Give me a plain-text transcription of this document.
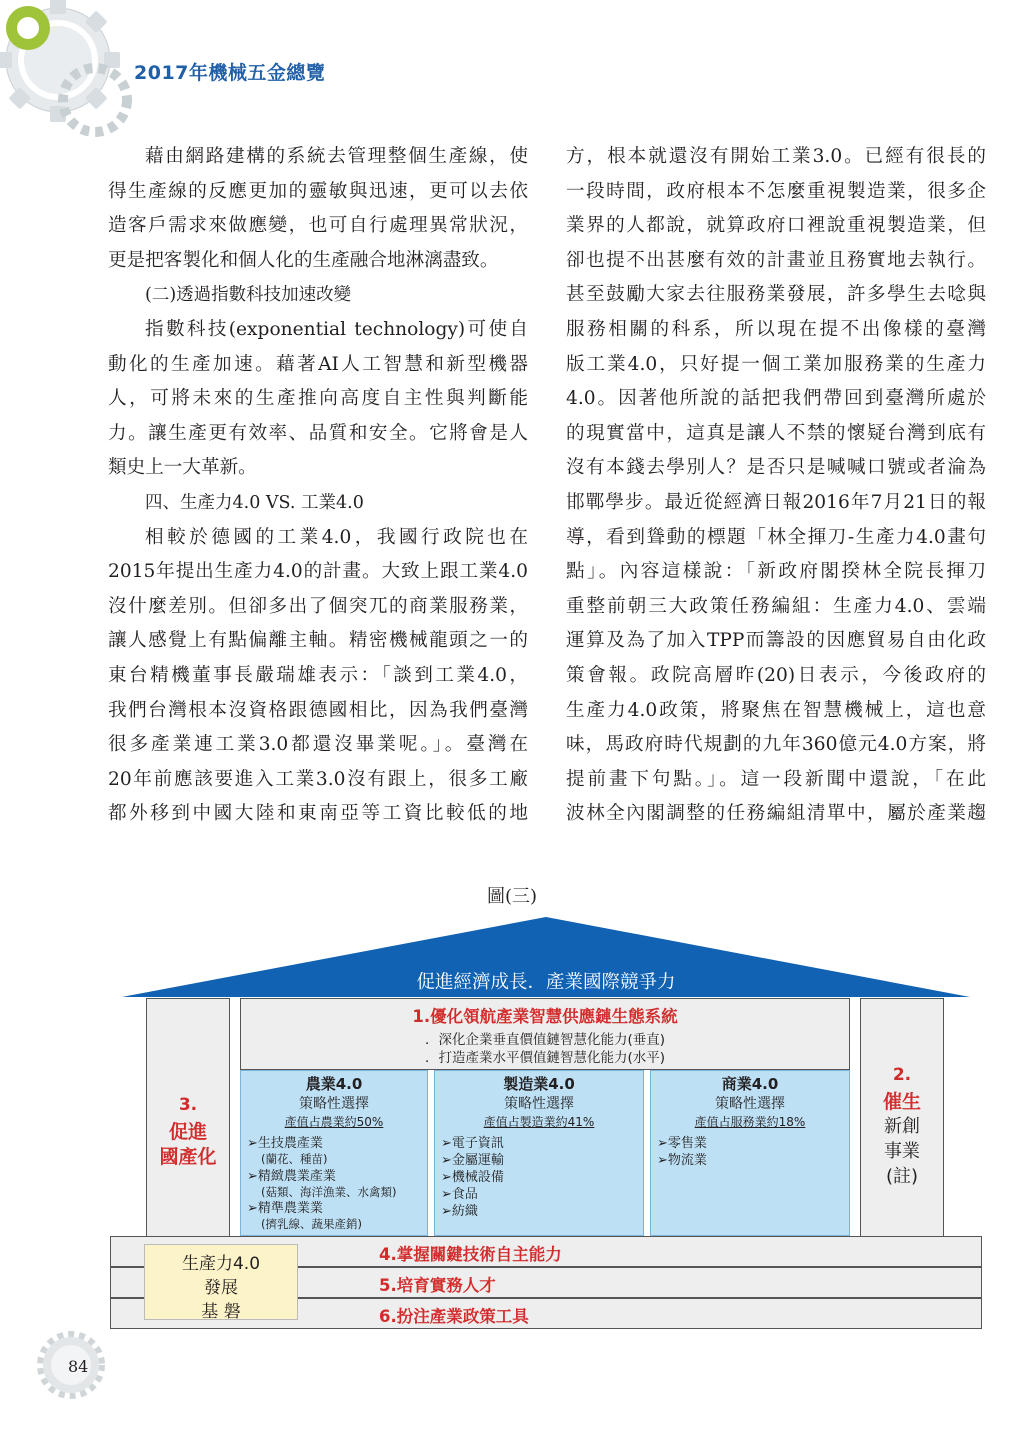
2017年機械五金總覽
藉由網路建構的系統去管理整個生產線，使
得生產線的反應更加的靈敏與迅速，更可以去依
造客戶需求來做應變，也可自行處理異常狀況，
更是把客製化和個人化的生產融合地淋漓盡致。
(二)透過指數科技加速改變
指數科技(exponential technology)可使自
動化的生產加速。藉著AI人工智慧和新型機器
人，可將未來的生產推向高度自主性與判斷能
力。讓生產更有效率、品質和安全。它將會是人
類史上一大革新。
四、生產力4.0 VS. 工業4.0
相較於德國的工業4.0，我國行政院也在
2015年提出生產力4.0的計畫。大致上跟工業4.0
沒什麼差別。但卻多出了個突兀的商業服務業，
讓人感覺上有點偏離主軸。精密機械龍頭之一的
東台精機董事長嚴瑞雄表示：「談到工業4.0，
我們台灣根本沒資格跟德國相比，因為我們臺灣
很多產業連工業3.0都還沒畢業呢。」。臺灣在
20年前應該要進入工業3.0沒有跟上，很多工廠
都外移到中國大陸和東南亞等工資比較低的地
方，根本就還沒有開始工業3.0。已經有很長的
一段時間，政府根本不怎麼重視製造業，很多企
業界的人都說，就算政府口裡說重視製造業，但
卻也提不出甚麼有效的計畫並且務實地去執行。
甚至鼓勵大家去往服務業發展，許多學生去唸與
服務相關的科系，所以現在提不出像樣的臺灣
版工業4.0，只好提一個工業加服務業的生產力
4.0。因著他所說的話把我們帶回到臺灣所處於
的現實當中，這真是讓人不禁的懷疑台灣到底有
沒有本錢去學別人？是否只是喊喊口號或者淪為
邯鄲學步。最近從經濟日報2016年7月21日的報
導，看到聳動的標題「林全揮刀-生產力4.0畫句
點」。內容這樣說：「新政府閣揆林全院長揮刀
重整前朝三大政策任務編組：生產力4.0、雲端
運算及為了加入TPP而籌設的因應貿易自由化政
策會報。政院高層昨(20)日表示，今後政府的
生產力4.0政策，將聚焦在智慧機械上，這也意
味，馬政府時代規劃的九年360億元4.0方案，將
提前畫下句點。」。這一段新聞中還說，「在此
波林全內閣調整的任務編組清單中，屬於產業趨
圖(三)
促進經濟成長．產業國際競爭力
3.
促進
國產化
2.
催生
新創
事業
(註)
1.優化領航產業智慧供應鏈生態系統
．深化企業垂直價值鏈智慧化能力(垂直)
．打造產業水平價值鏈智慧化能力(水平)
農業4.0
策略性選擇
產值占農業約50%
➢生技農產業
(蘭花、種苗)
➢精緻農業產業
(菇類、海洋漁業、水禽類)
➢精準農業業
(擠乳線、蔬果產銷)
製造業4.0
策略性選擇
產值占製造業約41%
➢電子資訊
➢金屬運輸
➢機械設備
➢食品
➢紡織
商業4.0
策略性選擇
產值占服務業約18%
➢零售業
➢物流業
4.掌握關鍵技術自主能力
5.培育實務人才
6.扮注產業政策工具
生產力4.0
發展
基 磐
84
